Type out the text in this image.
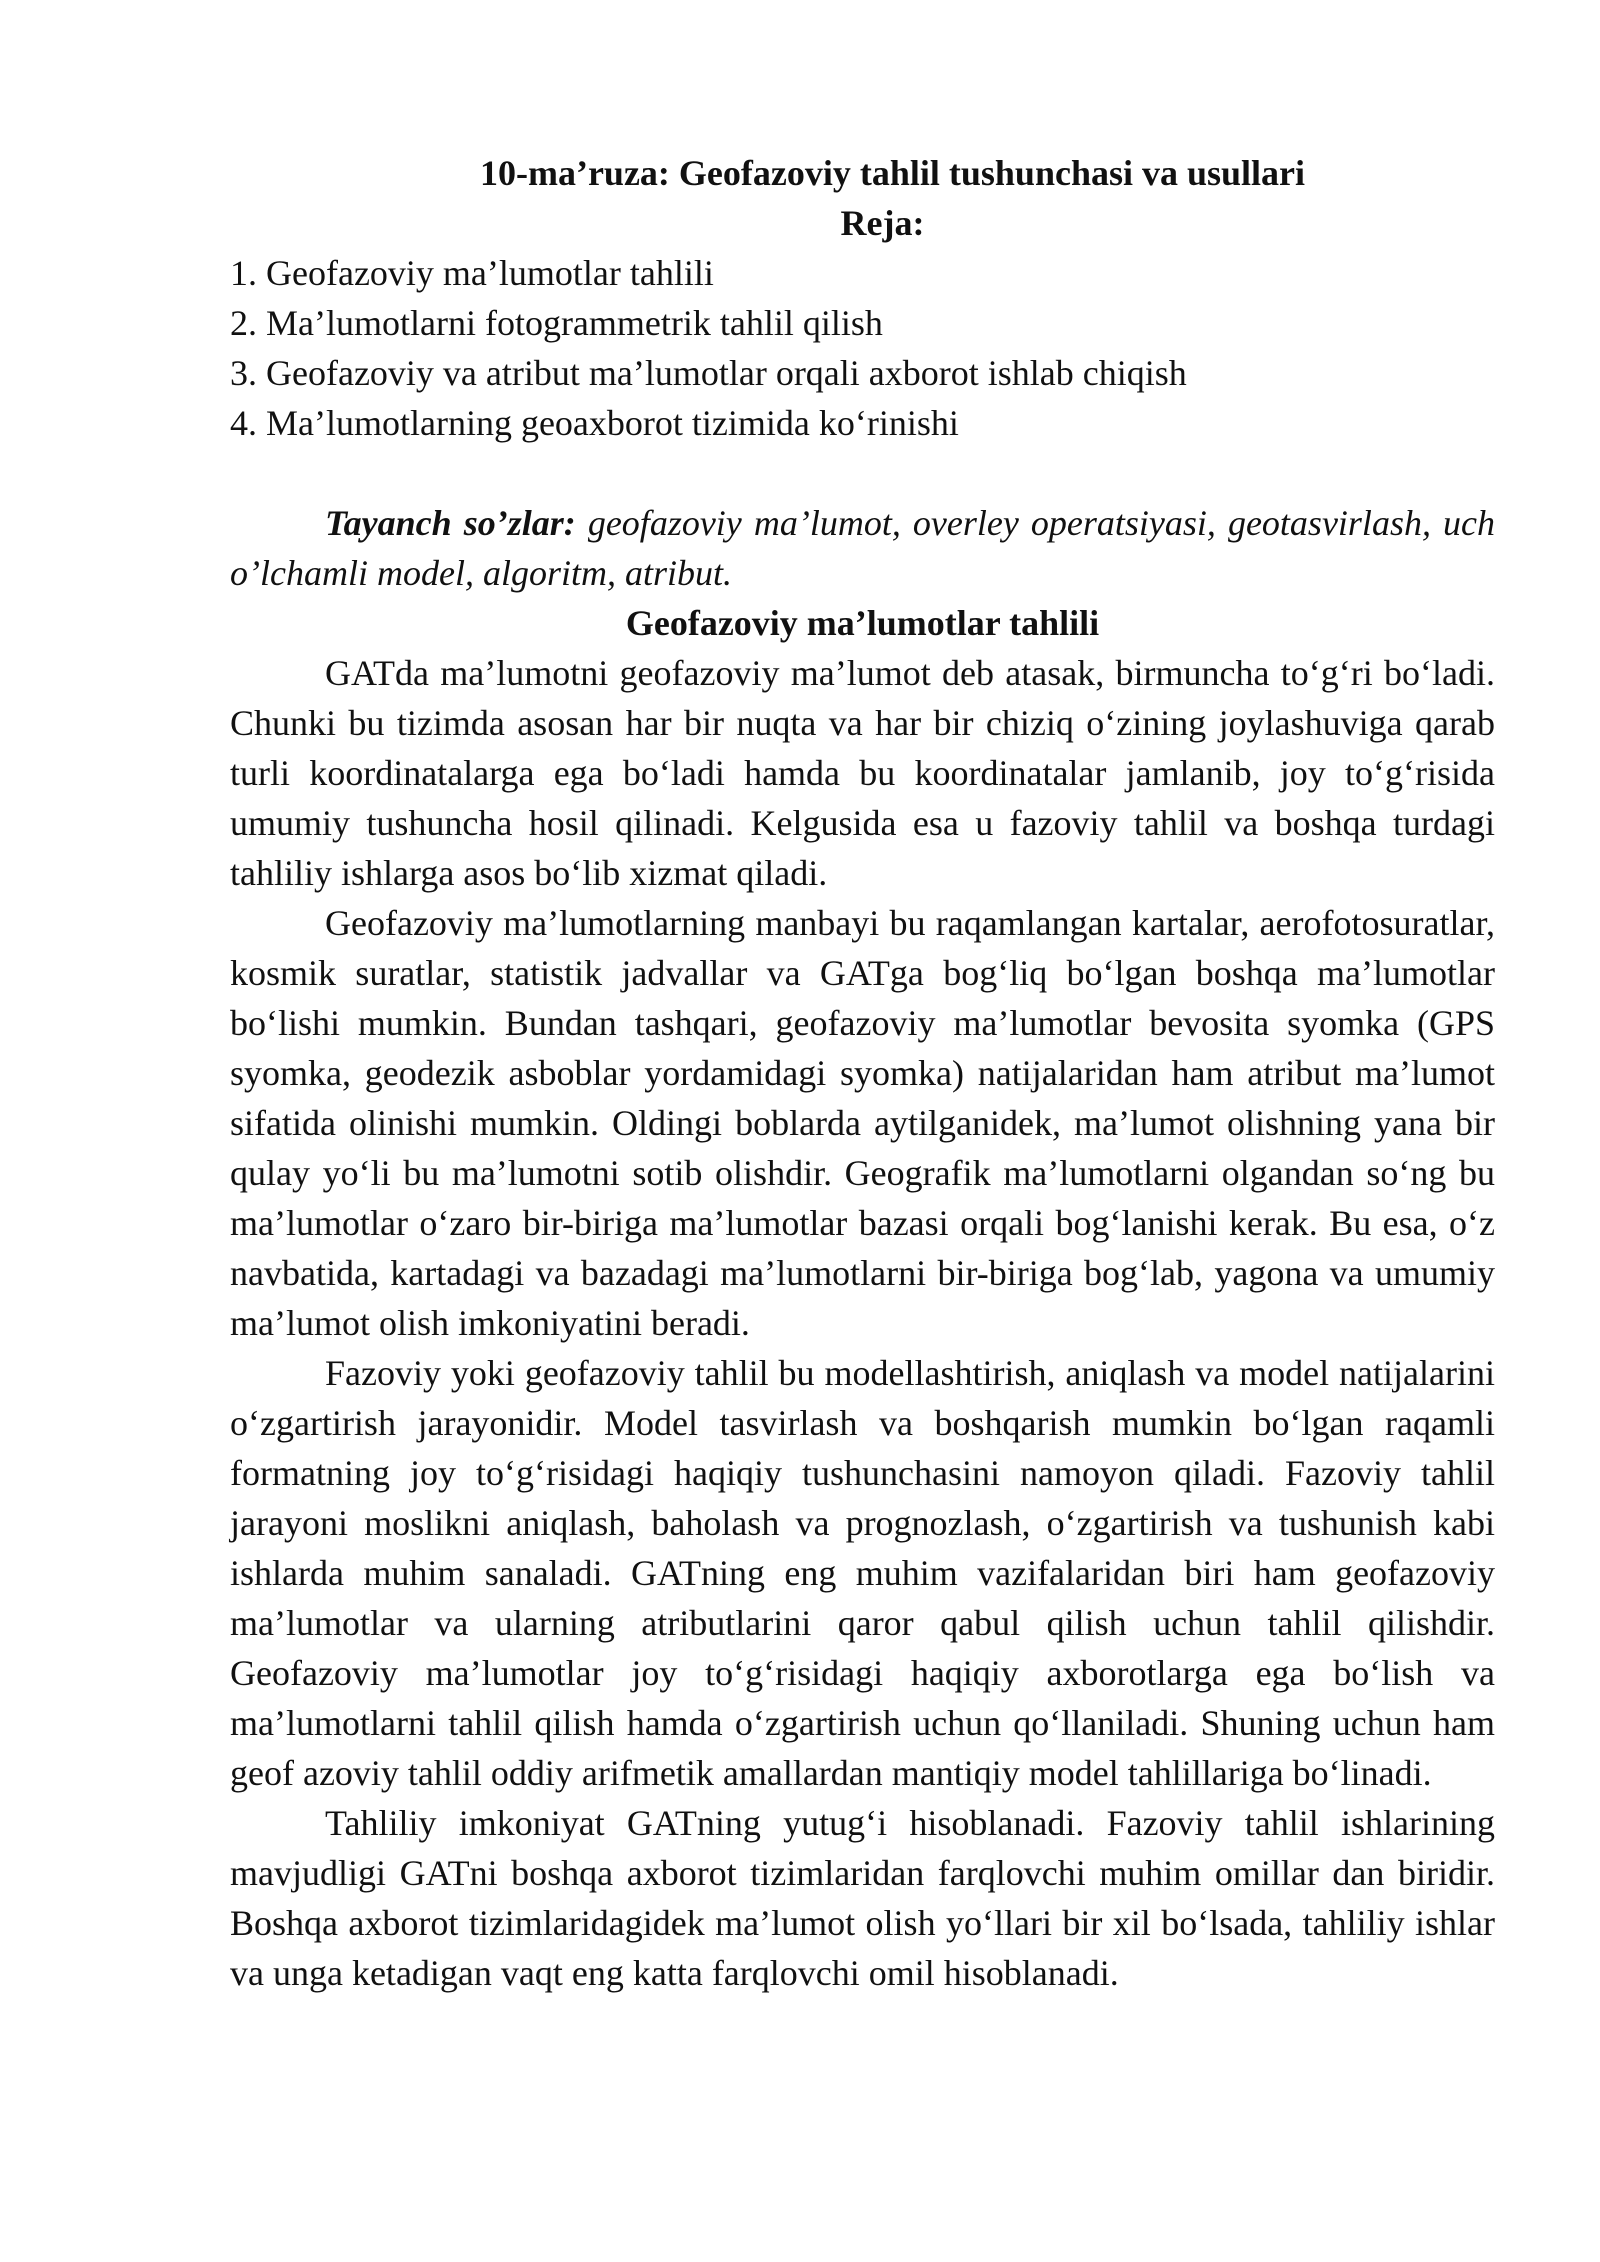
10-ma’ruza: Geofazoviy tahlil tushunchasi va usullari
Reja:
1. Geofazoviy ma’lumotlar tahlili
2. Ma’lumotlarni fotogrammetrik tahlil qilish
3. Geofazoviy va atribut ma’lumotlar orqali axborot ishlab chiqish
4. Ma’lumotlarning geoaxborot tizimida ko‘rinishi

Tayanch so’zlar: geofazoviy ma’lumot, overley operatsiyasi, geotasvirlash, uch o’lchamli model, algoritm, atribut.

Geofazoviy ma’lumotlar tahlili

GATda ma’lumotni geofazoviy ma’lumot deb atasak, birmuncha to‘g‘ri bo‘ladi. Chunki bu tizimda asosan har bir nuqta va har bir chiziq o‘zining joylashuviga qarab turli koordinatalarga ega bo‘ladi hamda bu koordinatalar jamlanib, joy to‘g‘risida umumiy tushuncha hosil qilinadi. Kelgusida esa u fazoviy tahlil va boshqa turdagi tahliliy ishlarga asos bo‘lib xizmat qiladi.

Geofazoviy ma’lumotlarning manbayi bu raqamlangan kartalar, aerofotosuratlar, kosmik suratlar, statistik jadvallar va GATga bog‘liq bo‘lgan boshqa ma’lumotlar bo‘lishi mumkin. Bundan tashqari, geofazoviy ma’lumotlar bevosita syomka (GPS syomka, geodezik asboblar yordamidagi syomka) natijalaridan ham atribut ma’lumot sifatida olinishi mumkin. Oldingi boblarda aytilganidek, ma’lumot olishning yana bir qulay yo‘li bu ma’lumotni sotib olishdir. Geografik ma’lumotlarni olgandan so‘ng bu ma’lumotlar o‘zaro bir-biriga ma’lumotlar bazasi orqali bog‘lanishi kerak. Bu esa, o‘z navbatida, kartadagi va bazadagi ma’lumotlarni bir-biriga bog‘lab, yagona va umumiy ma’lumot olish imkoniyatini beradi.

Fazoviy yoki geofazoviy tahlil bu modellashtirish, aniqlash va model natijalarini o‘zgartirish jarayonidir. Model tasvirlash va boshqarish mumkin bo‘lgan raqamli formatning joy to‘g‘risidagi haqiqiy tushunchasini namoyon qiladi. Fazoviy tahlil jarayoni moslikni aniqlash, baholash va prognozlash, o‘zgartirish va tushunish kabi ishlarda muhim sanaladi. GATning eng muhim vazifalaridan biri ham geofazoviy ma’lumotlar va ularning atributlarini qaror qabul qilish uchun tahlil qilishdir. Geofazoviy ma’lumotlar joy to‘g‘risidagi haqiqiy axborotlarga ega bo‘lish va ma’lumotlarni tahlil qilish hamda o‘zgartirish uchun qo‘llaniladi. Shuning uchun ham geof azoviy tahlil oddiy arifmetik amallardan mantiqiy model tahlillariga bo‘linadi.

Tahliliy imkoniyat GATning yutug‘i hisoblanadi. Fazoviy tahlil ishlarining mavjudligi GATni boshqa axborot tizimlaridan farqlovchi muhim omillar dan biridir. Boshqa axborot tizimlaridagidek ma’lumot olish yo‘llari bir xil bo‘lsada, tahliliy ishlar va unga ketadigan vaqt eng katta farqlovchi omil hisoblanadi.
